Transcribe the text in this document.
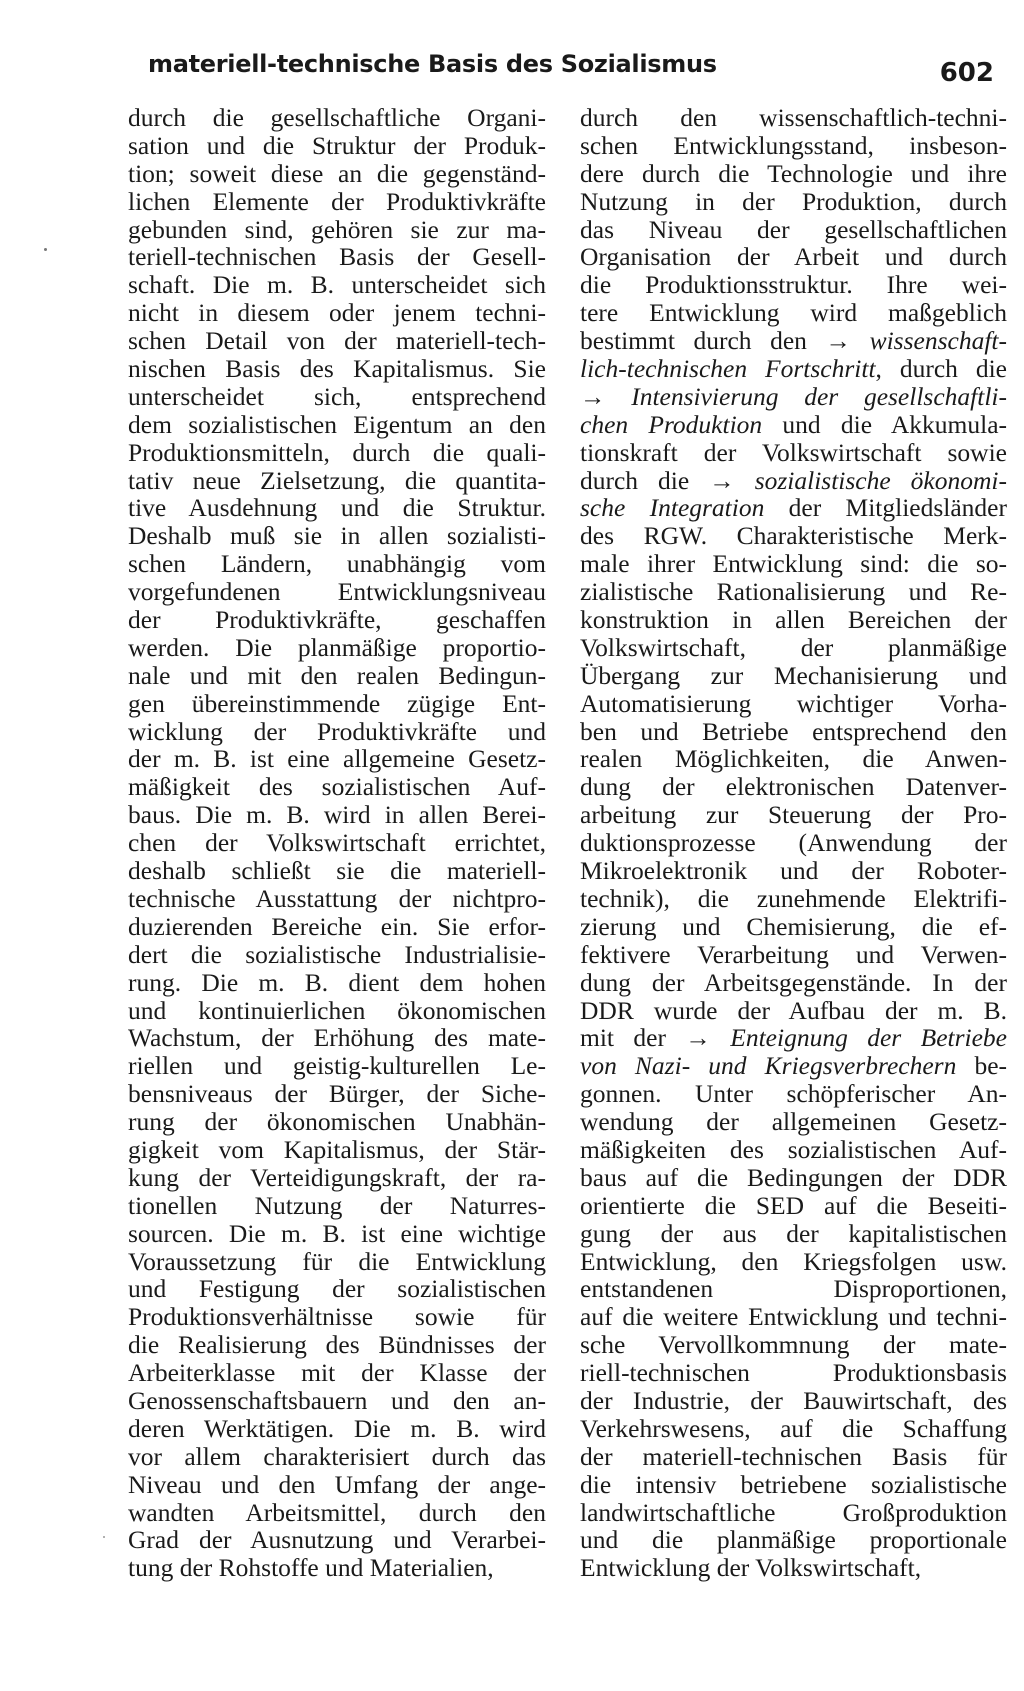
materiell-technische Basis des Sozialismus	602
durch die gesellschaftliche Organi-
sation und die Struktur der Produk-
tion; soweit diese an die gegenständ-
lichen Elemente der Produktivkräfte
gebunden sind, gehören sie zur ma-
teriell-technischen Basis der Gesell-
schaft. Die m. B. unterscheidet sich
nicht in diesem oder jenem techni-
schen Detail von der materiell-tech-
nischen Basis des Kapitalismus. Sie
unterscheidet sich, entsprechend
dem sozialistischen Eigentum an den
Produktionsmitteln, durch die quali-
tativ neue Zielsetzung, die quantita-
tive Ausdehnung und die Struktur.
Deshalb muß sie in allen sozialisti-
schen Ländern, unabhängig vom
vorgefundenen Entwicklungsniveau
der Produktivkräfte, geschaffen
werden. Die planmäßige proportio-
nale und mit den realen Bedingun-
gen übereinstimmende zügige Ent-
wicklung der Produktivkräfte und
der m. B. ist eine allgemeine Gesetz-
mäßigkeit des sozialistischen Auf-
baus. Die m. B. wird in allen Berei-
chen der Volkswirtschaft errichtet,
deshalb schließt sie die materiell-
technische Ausstattung der nichtpro-
duzierenden Bereiche ein. Sie erfor-
dert die sozialistische Industrialisie-
rung. Die m. B. dient dem hohen
und kontinuierlichen ökonomischen
Wachstum, der Erhöhung des mate-
riellen und geistig-kulturellen Le-
bensniveaus der Bürger, der Siche-
rung der ökonomischen Unabhän-
gigkeit vom Kapitalismus, der Stär-
kung der Verteidigungskraft, der ra-
tionellen Nutzung der Naturres-
sourcen. Die m. B. ist eine wichtige
Voraussetzung für die Entwicklung
und Festigung der sozialistischen
Produktionsverhältnisse sowie für
die Realisierung des Bündnisses der
Arbeiterklasse mit der Klasse der
Genossenschaftsbauern und den an-
deren Werktätigen. Die m. B. wird
vor allem charakterisiert durch das
Niveau und den Umfang der ange-
wandten Arbeitsmittel, durch den
Grad der Ausnutzung und Verarbei-
tung der Rohstoffe und Materialien,
durch den wissenschaftlich-techni-
schen Entwicklungsstand, insbeson-
dere durch die Technologie und ihre
Nutzung in der Produktion, durch
das Niveau der gesellschaftlichen
Organisation der Arbeit und durch
die Produktionsstruktur. Ihre wei-
tere Entwicklung wird maßgeblich
bestimmt durch den → wissenschaft-
lich-technischen Fortschritt, durch die
→ Intensivierung der gesellschaftli-
chen Produktion und die Akkumula-
tionskraft der Volkswirtschaft sowie
durch die → sozialistische ökonomi-
sche Integration der Mitgliedsländer
des RGW. Charakteristische Merk-
male ihrer Entwicklung sind: die so-
zialistische Rationalisierung und Re-
konstruktion in allen Bereichen der
Volkswirtschaft, der planmäßige
Übergang zur Mechanisierung und
Automatisierung wichtiger Vorha-
ben und Betriebe entsprechend den
realen Möglichkeiten, die Anwen-
dung der elektronischen Datenver-
arbeitung zur Steuerung der Pro-
duktionsprozesse (Anwendung der
Mikroelektronik und der Roboter-
technik), die zunehmende Elektrifi-
zierung und Chemisierung, die ef-
fektivere Verarbeitung und Verwen-
dung der Arbeitsgegenstände. In der
DDR wurde der Aufbau der m. B.
mit der → Enteignung der Betriebe
von Nazi- und Kriegsverbrechern be-
gonnen. Unter schöpferischer An-
wendung der allgemeinen Gesetz-
mäßigkeiten des sozialistischen Auf-
baus auf die Bedingungen der DDR
orientierte die SED auf die Beseiti-
gung der aus der kapitalistischen
Entwicklung, den Kriegsfolgen usw.
entstandenen Disproportionen,
auf die weitere Entwicklung und techni-
sche Vervollkommnung der mate-
riell-technischen Produktionsbasis
der Industrie, der Bauwirtschaft, des
Verkehrswesens, auf die Schaffung
der materiell-technischen Basis für
die intensiv betriebene sozialistische
landwirtschaftliche Großproduktion
und die planmäßige proportionale
Entwicklung der Volkswirtschaft,
